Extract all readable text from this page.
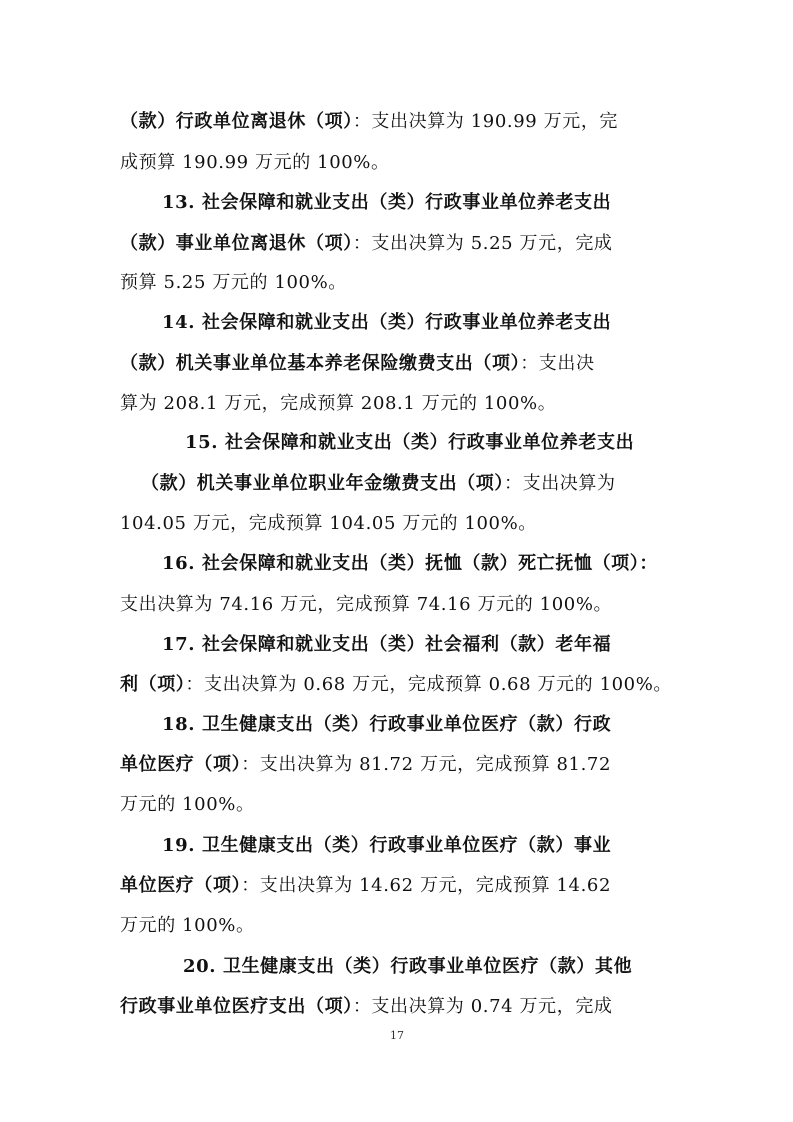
（款）行政单位离退休（项）：支出决算为 190.99 万元，完
成预算 190.99 万元的 100%。
13. 社会保障和就业支出（类）行政事业单位养老支出
（款）事业单位离退休（项）：支出决算为 5.25 万元，完成
预算 5.25 万元的 100%。
14. 社会保障和就业支出（类）行政事业单位养老支出
（款）机关事业单位基本养老保险缴费支出（项）：支出决
算为 208.1 万元，完成预算 208.1 万元的 100%。
15. 社会保障和就业支出（类）行政事业单位养老支出
（款）机关事业单位职业年金缴费支出（项）：支出决算为
104.05 万元，完成预算 104.05 万元的 100%。
16. 社会保障和就业支出（类）抚恤（款）死亡抚恤（项）：
支出决算为 74.16 万元，完成预算 74.16 万元的 100%。
17. 社会保障和就业支出（类）社会福利（款）老年福
利（项）：支出决算为 0.68 万元，完成预算 0.68 万元的 100%。
18. 卫生健康支出（类）行政事业单位医疗（款）行政
单位医疗（项）：支出决算为 81.72 万元，完成预算 81.72
万元的 100%。
19. 卫生健康支出（类）行政事业单位医疗（款）事业
单位医疗（项）：支出决算为 14.62 万元，完成预算 14.62
万元的 100%。
20. 卫生健康支出（类）行政事业单位医疗（款）其他
行政事业单位医疗支出（项）：支出决算为 0.74 万元，完成
17
